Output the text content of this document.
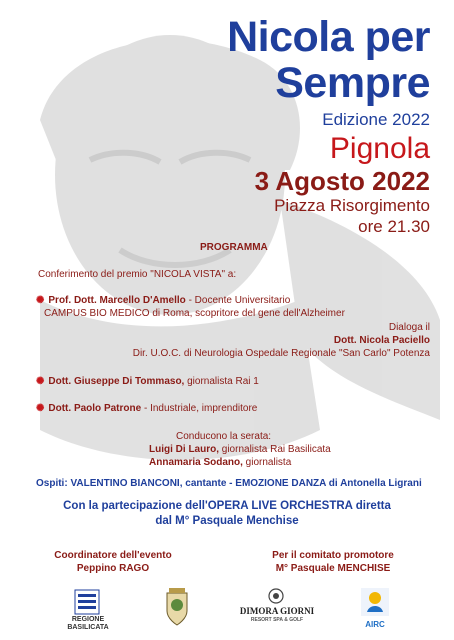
Nicola per
Sempre
Edizione 2022
Pignola
3 Agosto 2022
Piazza Risorgimento
ore 21.30
PROGRAMMA
Conferimento del premio "NICOLA VISTA" a:
✺ Prof. Dott. Marcello D'Amello - Docente Universitario
CAMPUS BIO MEDICO di Roma, scopritore del gene dell'Alzheimer
Dialoga il
Dott. Nicola Paciello
Dir. U.O.C. di Neurologia Ospedale Regionale "San Carlo" Potenza
✺ Dott. Giuseppe Di Tommaso, giornalista Rai 1
✺ Dott. Paolo Patrone - Industriale, imprenditore
Conducono la serata:
Luigi Di Lauro, giornalista Rai Basilicata
Annamaria Sodano, giornalista
Ospiti: VALENTINO BIANCONI, cantante - EMOZIONE DANZA di Antonella Ligrani
Con la partecipazione dell'OPERA LIVE ORCHESTRA diretta
dal M° Pasquale Menchise
Coordinatore dell'evento
Peppino RAGO
Per il comitato promotore
M° Pasquale MENCHISE
REGIONE
BASILICATA
DIMORA GIORNI
RESORT SPA & GOLF	AIRC
